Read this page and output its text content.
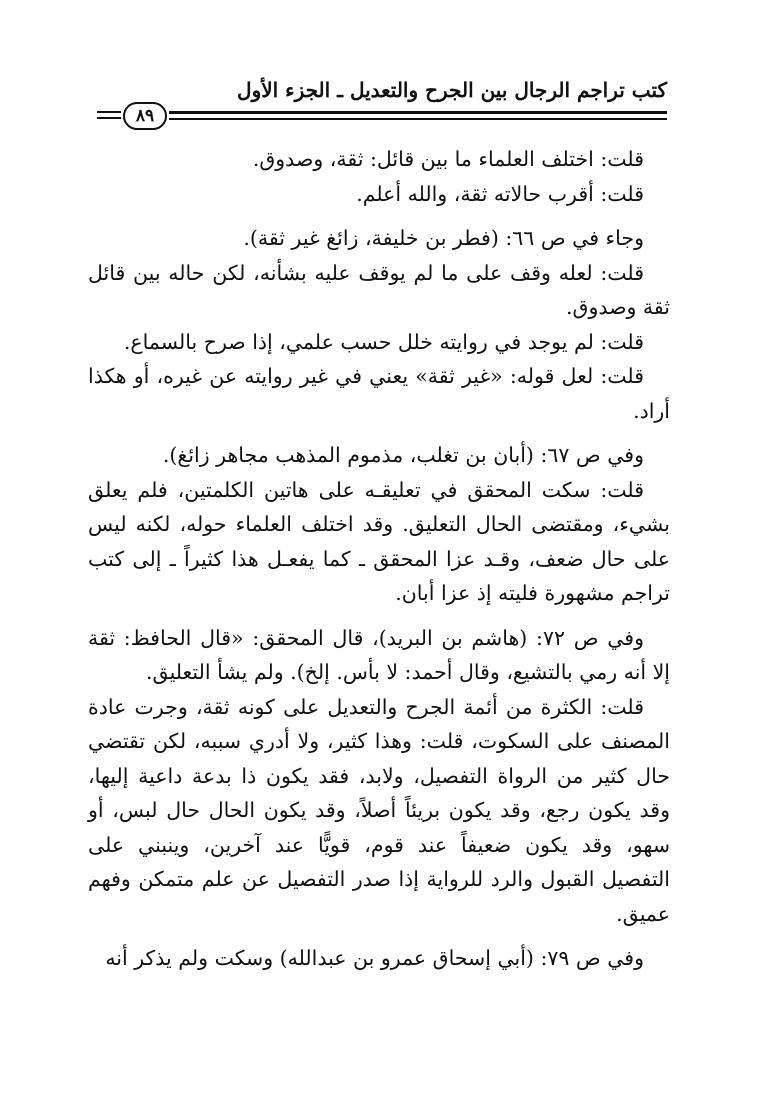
كتب تراجم الرجال بين الجرح والتعديل ـ الجزء الأول
٨٩

قلت: اختلف العلماء ما بين قائل: ثقة، وصدوق.

قلت: أقرب حالاته ثقة، والله أعلم.

وجاء في ص ٦٦: (فطر بن خليفة، زائغ غير ثقة).

قلت: لعله وقف على ما لم يوقف عليه بشأنه، لكن حاله بين قائل ثقة وصدوق.

قلت: لم يوجد في روايته خلل حسب علمي، إذا صرح بالسماع.

قلت: لعل قوله: «غير ثقة» يعني في غير روايته عن غيره، أو هكذا أراد.

وفي ص ٦٧: (أبان بن تغلب، مذموم المذهب مجاهر زائغ).

قلت: سكت المحقق في تعليقـه على هاتين الكلمتين، فلم يعلق بشيء، ومقتضى الحال التعليق. وقد اختلف العلماء حوله، لكنه ليس على حال ضعف، وقـد عزا المحقق ـ كما يفعـل هذا كثيراً ـ إلى كتب تراجم مشهورة فليته إذ عزا أبان.

وفي ص ٧٢: (هاشم بن البريد)، قال المحقق: «قال الحافظ: ثقة إلا أنه رمي بالتشيع، وقال أحمد: لا بأس. إلخ). ولم يشأ التعليق.

قلت: الكثرة من أئمة الجرح والتعديل على كونه ثقة، وجرت عادة المصنف على السكوت، قلت: وهذا كثير، ولا أدري سببه، لكن تقتضي حال كثير من الرواة التفصيل، ولابد، فقد يكون ذا بدعة داعية إليها، وقد يكون رجع، وقد يكون بريئاً أصلاً، وقد يكون الحال حال لبس، أو سهو، وقد يكون ضعيفاً عند قوم، قويًّا عند آخرين، وينبني على التفصيل القبول والرد للرواية إذا صدر التفصيل عن علم متمكن وفهم عميق.

وفي ص ٧٩: (أبي إسحاق عمرو بن عبدالله) وسكت ولم يذكر أنه
